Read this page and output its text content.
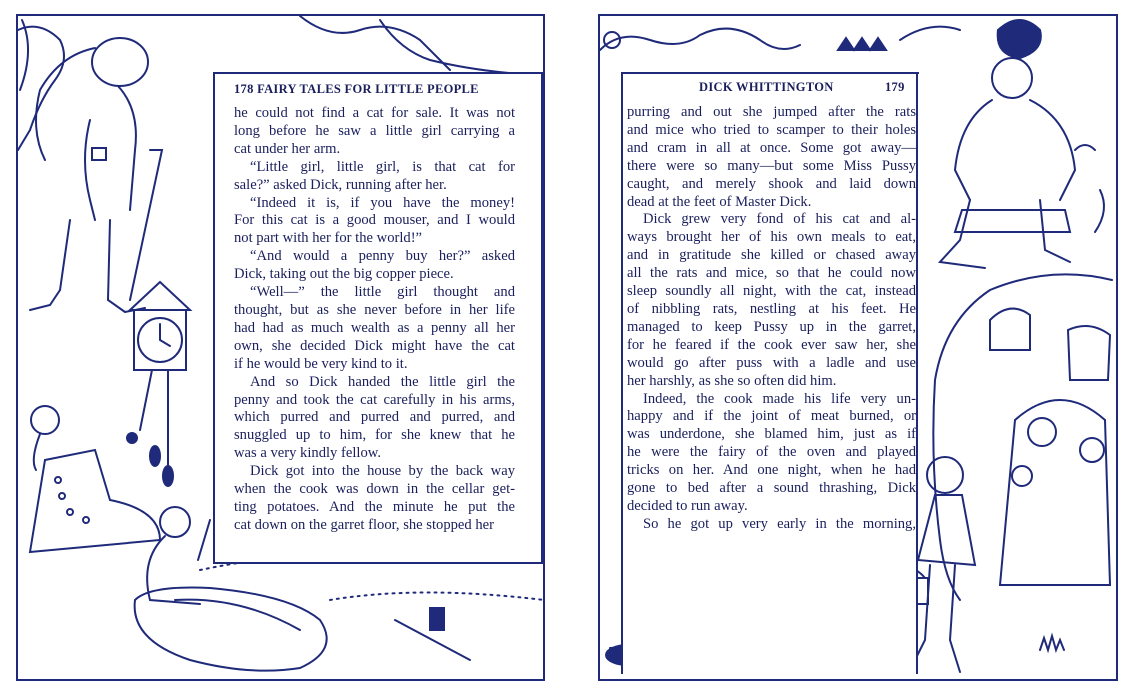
178 FAIRY TALES FOR LITTLE PEOPLE
he could not find a cat for sale. It was not
long before he saw a little girl carrying a
cat under her arm.
“Little girl, little girl, is that cat for
sale?” asked Dick, running after her.
“Indeed it is, if you have the money!
For this cat is a good mouser, and I would
not part with her for the world!”
“And would a penny buy her?” asked
Dick, taking out the big copper piece.
“Well—” the little girl thought and
thought, but as she never before in her life
had had as much wealth as a penny all her
own, she decided Dick might have the cat
if he would be very kind to it.
And so Dick handed the little girl the
penny and took the cat carefully in his arms,
which purred and purred and purred, and
snuggled up to him, for she knew that he
was a very kindly fellow.
Dick got into the house by the back way
when the cook was down in the cellar get-
ting potatoes. And the minute he put the
cat down on the garret floor, she stopped her
DICK WHITTINGTON	179
purring and out she jumped after the rats
and mice who tried to scamper to their holes
and cram in all at once. Some got away—
there were so many—but some Miss Pussy
caught, and merely shook and laid down
dead at the feet of Master Dick.
Dick grew very fond of his cat and al-
ways brought her of his own meals to eat,
and in gratitude she killed or chased away
all the rats and mice, so that he could now
sleep soundly all night, with the cat, instead
of nibbling rats, nestling at his feet. He
managed to keep Pussy up in the garret,
for he feared if the cook ever saw her, she
would go after puss with a ladle and use
her harshly, as she so often did him.
Indeed, the cook made his life very un-
happy and if the joint of meat burned, or
was underdone, she blamed him, just as if
he were the fairy of the oven and played
tricks on her. And one night, when he had
gone to bed after a sound thrashing, Dick
decided to run away.
So he got up very early in the morning,
